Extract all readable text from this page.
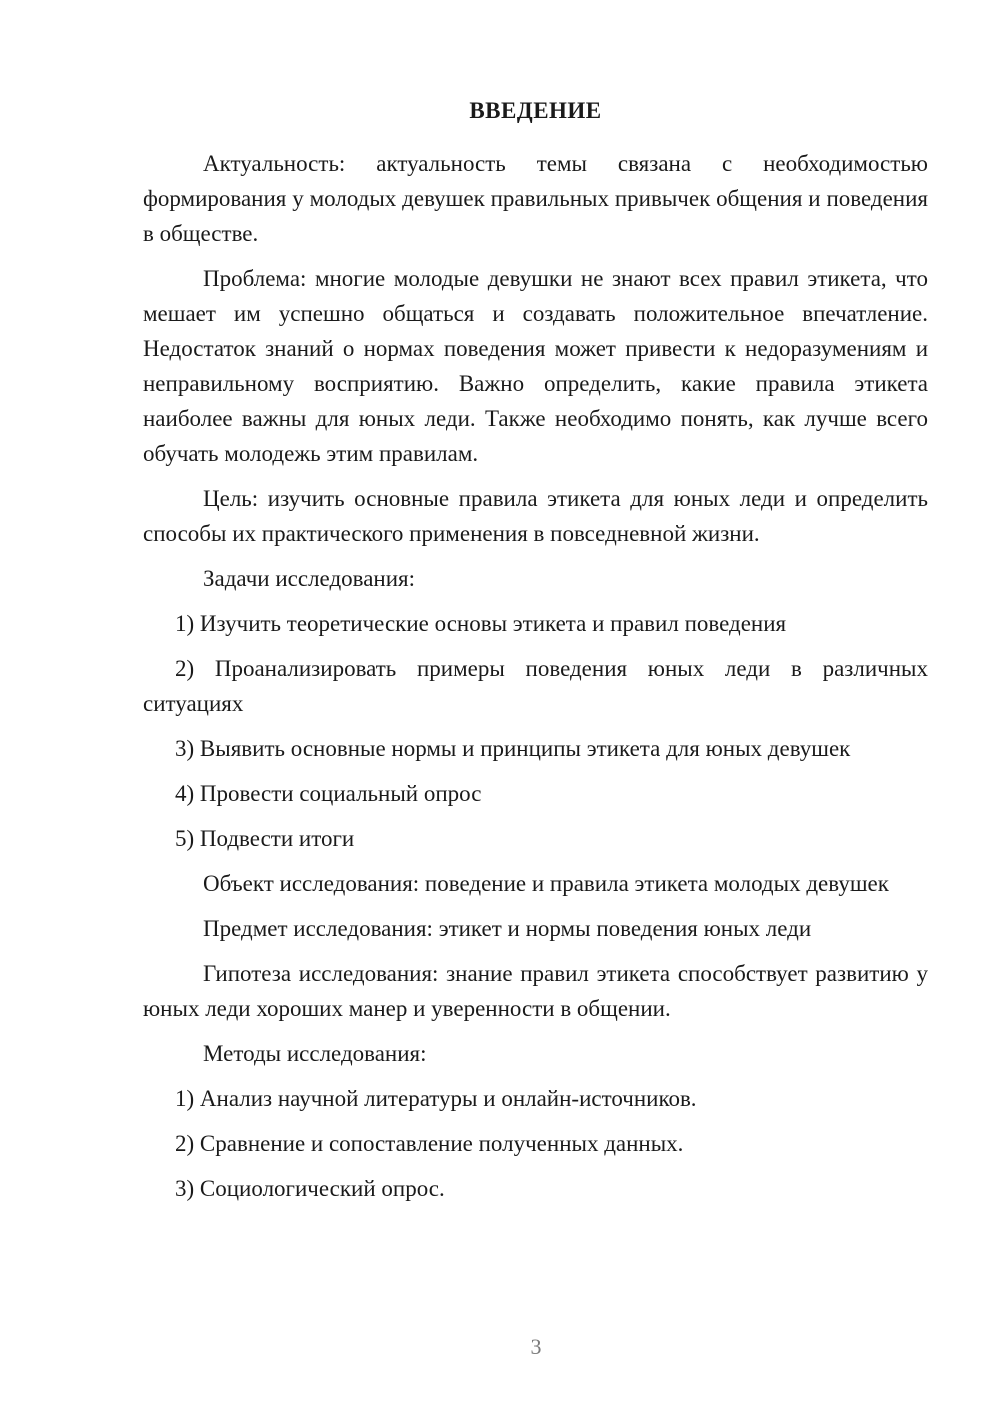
ВВЕДЕНИЕ

Актуальность: актуальность темы связана с необходимостью формирования у молодых девушек правильных привычек общения и поведения в обществе.

Проблема: многие молодые девушки не знают всех правил этикета, что мешает им успешно общаться и создавать положительное впечатление. Недостаток знаний о нормах поведения может привести к недоразумениям и неправильному восприятию. Важно определить, какие правила этикета наиболее важны для юных леди. Также необходимо понять, как лучше всего обучать молодежь этим правилам.

Цель: изучить основные правила этикета для юных леди и определить способы их практического применения в повседневной жизни.

Задачи исследования:

1) Изучить теоретические основы этикета и правил поведения

2) Проанализировать примеры поведения юных леди в различных ситуациях

3) Выявить основные нормы и принципы этикета для юных девушек

4) Провести социальный опрос

5) Подвести итоги

Объект исследования: поведение и правила этикета молодых девушек

Предмет исследования: этикет и нормы поведения юных леди

Гипотеза исследования: знание правил этикета способствует развитию у юных леди хороших манер и уверенности в общении.

Методы исследования:

1) Анализ научной литературы и онлайн-источников.

2) Сравнение и сопоставление полученных данных.

3) Социологический опрос.

3
